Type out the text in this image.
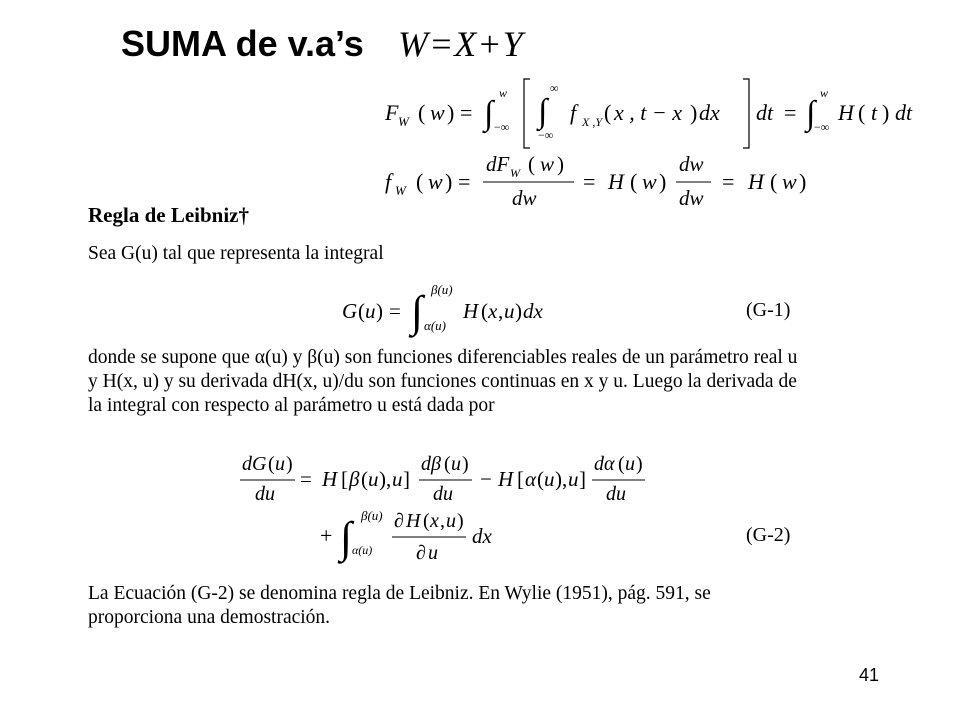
SUMA de v.a’s W=X+Y
F W ( w ) = ∫
w
−∞ ∫
∞
−∞
f X ,Y ( x , t − x ) dx dt = ∫
w
−∞
H ( t ) dt
f W ( w ) =
dF W ( w )
dw
= H ( w )
dw
dw
= H ( w )
Regla de Leibniz†

Sea G(u) tal que representa la integral

G ( u ) = ∫ β(u)
α(u)
H ( x , u ) dx	(G-1)

donde se supone que α(u) y β(u) son funciones diferenciables reales de un parámetro real u y H(x, u) y su derivada dH(x, u)/du son funciones continuas en x y u. Luego la derivada de la integral con respecto al parámetro u está dada por

dG ( u )
du
= H [ β ( u ), u ]
dβ ( u )
du
− H [ α ( u ), u ]
dα ( u )
du
+ ∫ β(u)
α(u)
∂ H ( x , u )
∂ u
dx	(G-2)

La Ecuación (G-2) se denomina regla de Leibniz. En Wylie (1951), pág. 591, se proporciona una demostración.

41
